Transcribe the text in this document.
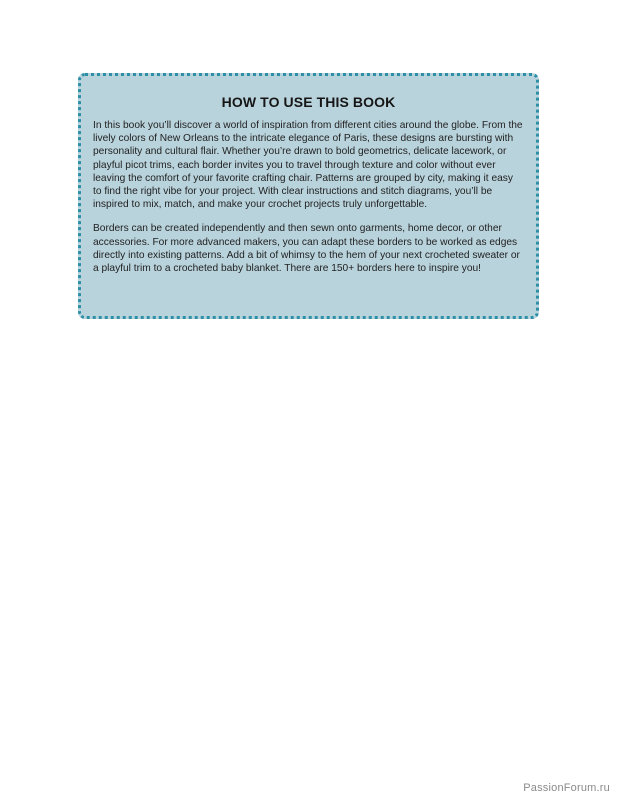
HOW TO USE THIS BOOK

In this book you’ll discover a world of inspiration from different cities around the globe. From the lively colors of New Orleans to the intricate elegance of Paris, these designs are bursting with personality and cultural flair. Whether you’re drawn to bold geometrics, delicate lacework, or playful picot trims, each border invites you to travel through texture and color without ever leaving the comfort of your favorite crafting chair. Patterns are grouped by city, making it easy to find the right vibe for your project. With clear instructions and stitch diagrams, you’ll be inspired to mix, match, and make your crochet projects truly unforgettable.

Borders can be created independently and then sewn onto garments, home decor, or other accessories. For more advanced makers, you can adapt these borders to be worked as edges directly into existing patterns. Add a bit of whimsy to the hem of your next crocheted sweater or a playful trim to a crocheted baby blanket. There are 150+ borders here to inspire you!

PassionForum.ru
